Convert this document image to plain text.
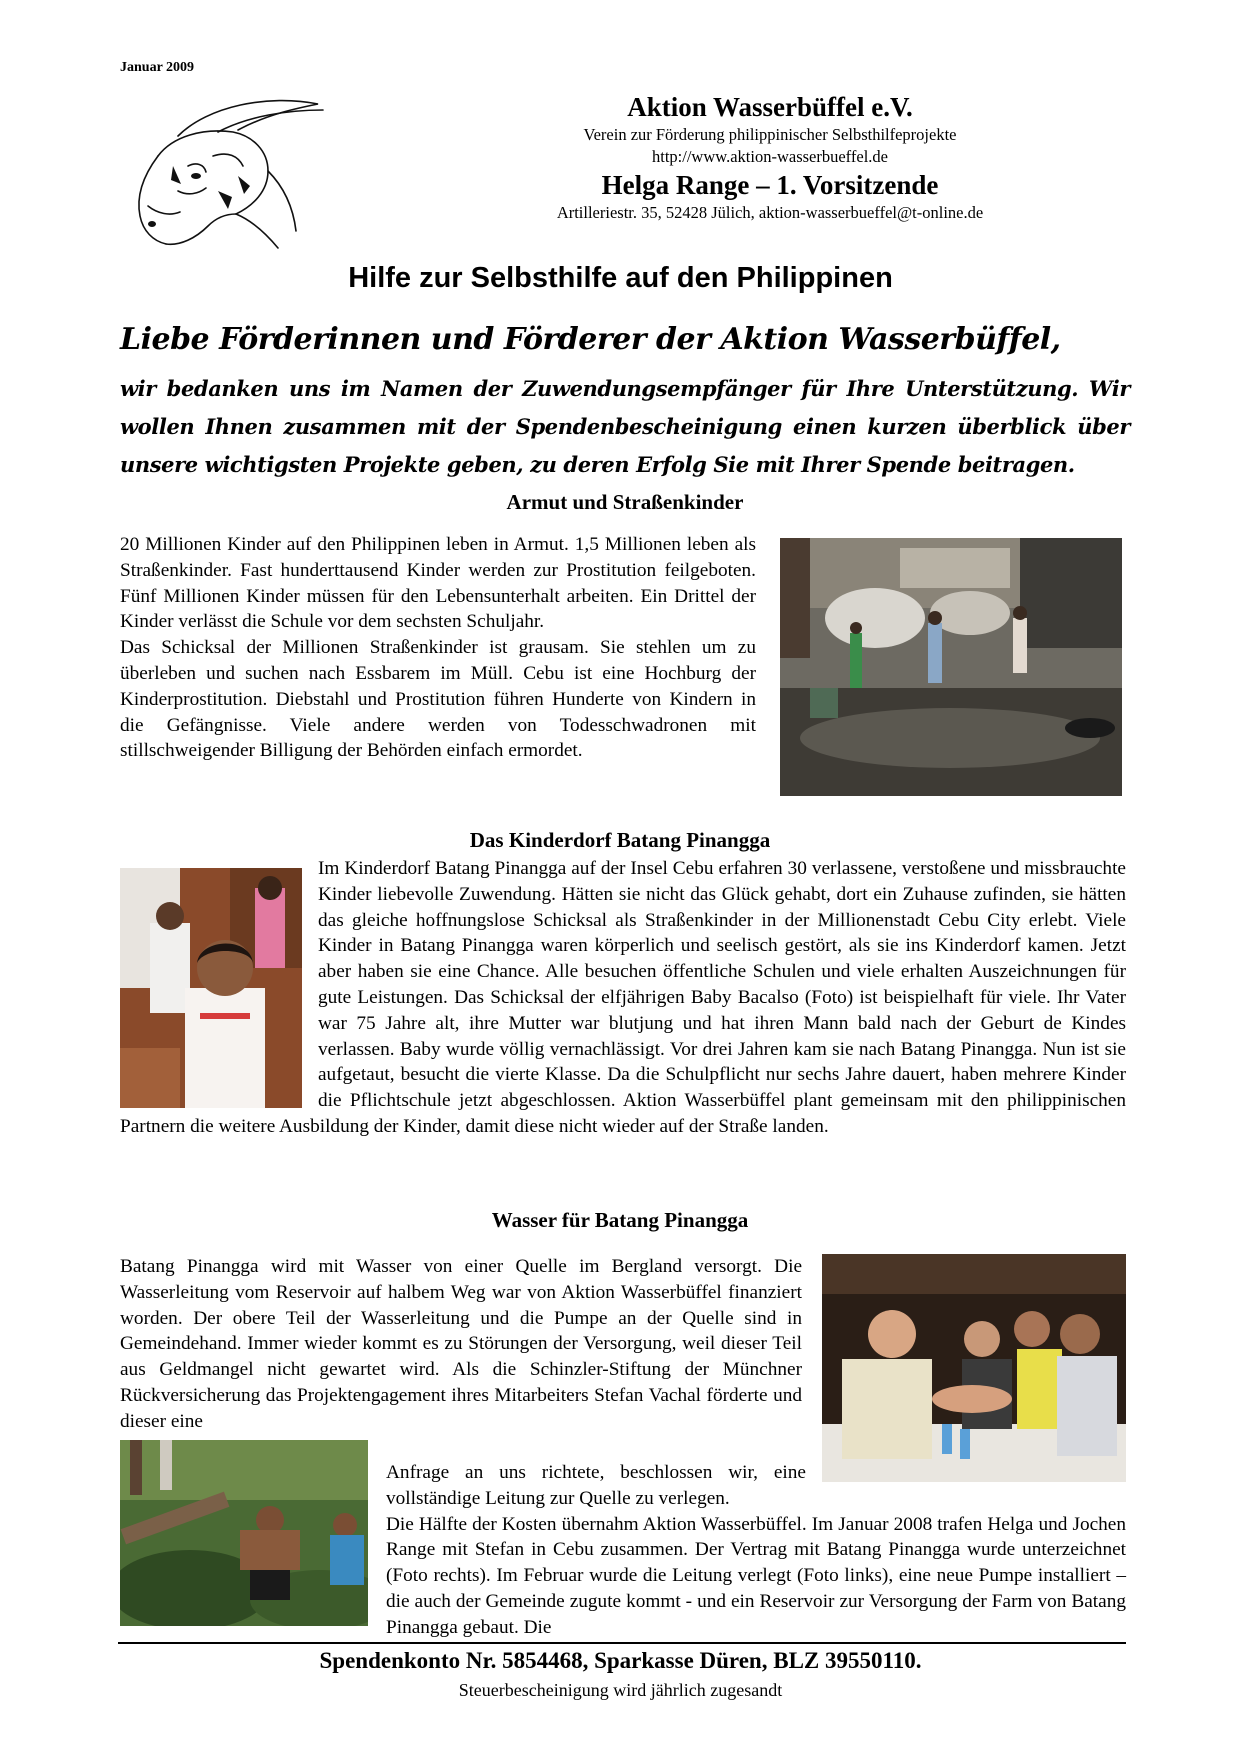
Januar 2009
Aktion Wasserbüffel e.V.
Verein zur Förderung philippinischer Selbsthilfeprojekte
http://www.aktion-wasserbueffel.de
Helga Range – 1. Vorsitzende
Artilleriestr. 35, 52428 Jülich, aktion-wasserbueffel@t-online.de
Hilfe zur Selbsthilfe auf den Philippinen
Liebe Förderinnen und Förderer der Aktion Wasserbüffel,
wir bedanken uns im Namen der Zuwendungsempfänger für Ihre Unterstützung. Wir wollen Ihnen zusammen mit der Spendenbescheinigung einen kurzen überblick über unsere wichtigsten Projekte geben, zu deren Erfolg Sie mit Ihrer Spende beitragen.
Armut und Straßenkinder

20 Millionen Kinder auf den Philippinen leben in Armut. 1,5 Millionen leben als Straßenkinder. Fast hunderttausend Kinder werden zur Prostitution feilgeboten. Fünf Millionen Kinder müssen für den Lebensunterhalt arbeiten. Ein Drittel der Kinder verlässt die Schule vor dem sechsten Schuljahr.

Das Schicksal der Millionen Straßenkinder ist grausam. Sie stehlen um zu überleben und suchen nach Essbarem im Müll. Cebu ist eine Hochburg der Kinderprostitution. Diebstahl und Prostitution führen Hunderte von Kindern in die Gefängnisse. Viele andere werden von Todesschwadronen mit stillschweigender Billigung der Behörden einfach ermordet.

Das Kinderdorf Batang Pinangga

Im Kinderdorf Batang Pinangga auf der Insel Cebu erfahren 30 verlassene, verstoßene und missbrauchte Kinder liebevolle Zuwendung. Hätten sie nicht das Glück gehabt, dort ein Zuhause zufinden, sie hätten das gleiche hoffnungslose Schicksal als Straßenkinder in der Millionenstadt Cebu City erlebt. Viele Kinder in Batang Pinangga waren körperlich und seelisch gestört, als sie ins Kinderdorf kamen. Jetzt aber haben sie eine Chance. Alle besuchen öffentliche Schulen und viele erhalten Auszeichnungen für gute Leistungen. Das Schicksal der elfjährigen Baby Bacalso (Foto) ist beispielhaft für viele. Ihr Vater war 75 Jahre alt, ihre Mutter war blutjung und hat ihren Mann bald nach der Geburt de Kindes verlassen. Baby wurde völlig vernachlässigt. Vor drei Jahren kam sie nach Batang Pinangga. Nun ist sie aufgetaut, besucht die vierte Klasse. Da die Schulpflicht nur sechs Jahre dauert, haben mehrere Kinder die Pflichtschule jetzt abgeschlossen. Aktion Wasserbüffel plant gemeinsam mit den philippinischen Partnern die weitere Ausbildung der Kinder, damit diese nicht wieder auf der Straße landen.

Wasser für Batang Pinangga

Batang Pinangga wird mit Wasser von einer Quelle im Bergland versorgt. Die Wasserleitung vom Reservoir auf halbem Weg war von Aktion Wasserbüffel finanziert worden. Der obere Teil der Wasserleitung und die Pumpe an der Quelle sind in Gemeindehand. Immer wieder kommt es zu Störungen der Versorgung, weil dieser Teil aus Geldmangel nicht gewartet wird. Als die Schinzler-Stiftung der Münchner Rückversicherung das Projektengagement ihres Mitarbeiters Stefan Vachal förderte und dieser eine

Anfrage an uns richtete, beschlossen wir, eine vollständige Leitung zur Quelle zu verlegen.

Die Hälfte der Kosten übernahm Aktion Wasserbüffel. Im Januar 2008 trafen Helga und Jochen Range mit Stefan in Cebu zusammen. Der Vertrag mit Batang Pinangga wurde unterzeichnet (Foto rechts). Im Februar wurde die Leitung verlegt (Foto links), eine neue Pumpe installiert – die auch der Gemeinde zugute kommt - und ein Reservoir zur Versorgung der Farm von Batang Pinangga gebaut. Die

Spendenkonto Nr. 5854468, Sparkasse Düren, BLZ 39550110.
Steuerbescheinigung wird jährlich zugesandt
